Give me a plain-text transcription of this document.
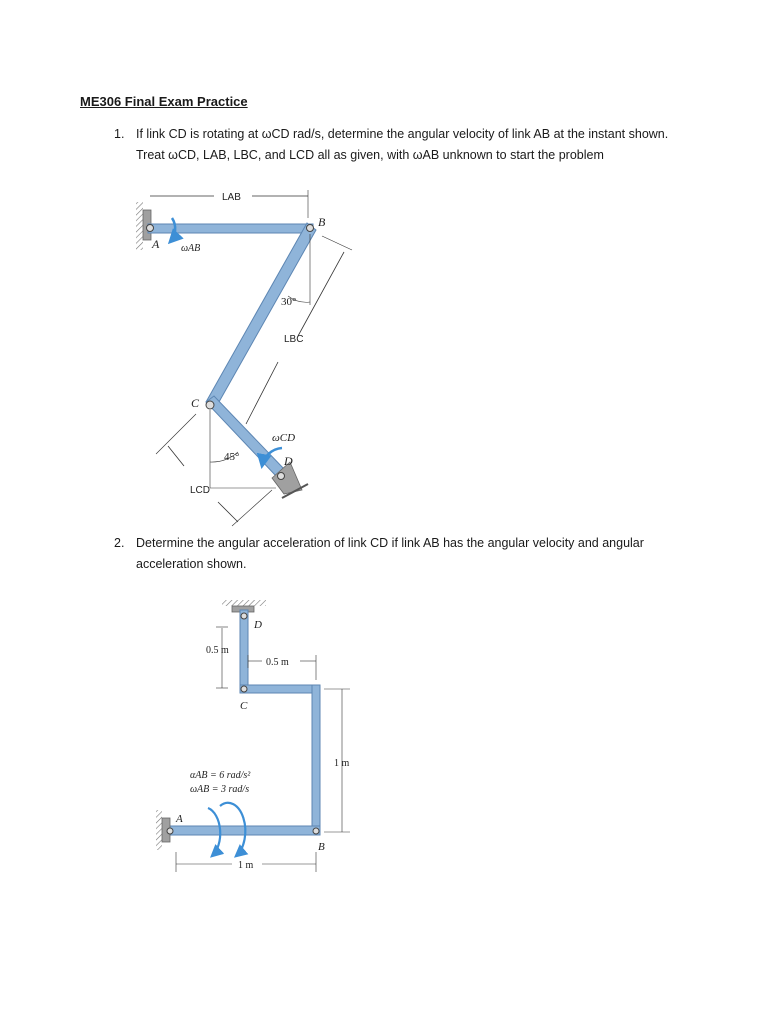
ME306 Final Exam Practice
1. If link CD is rotating at ωCD rad/s, determine the angular velocity of link AB at the instant shown.
Treat ωCD, LAB, LBC, and LCD all as given, with ωAB unknown to start the problem
2. Determine the angular acceleration of link CD if link AB has the angular velocity and angular
acceleration shown.
LAB
B
A ωAB
30°
LBC
C
ωCD
D
45°
LCD
D
0.5 m
0.5 m
C
1 m
αAB = 6 rad/s²
ωAB = 3 rad/s
A
B
1 m
